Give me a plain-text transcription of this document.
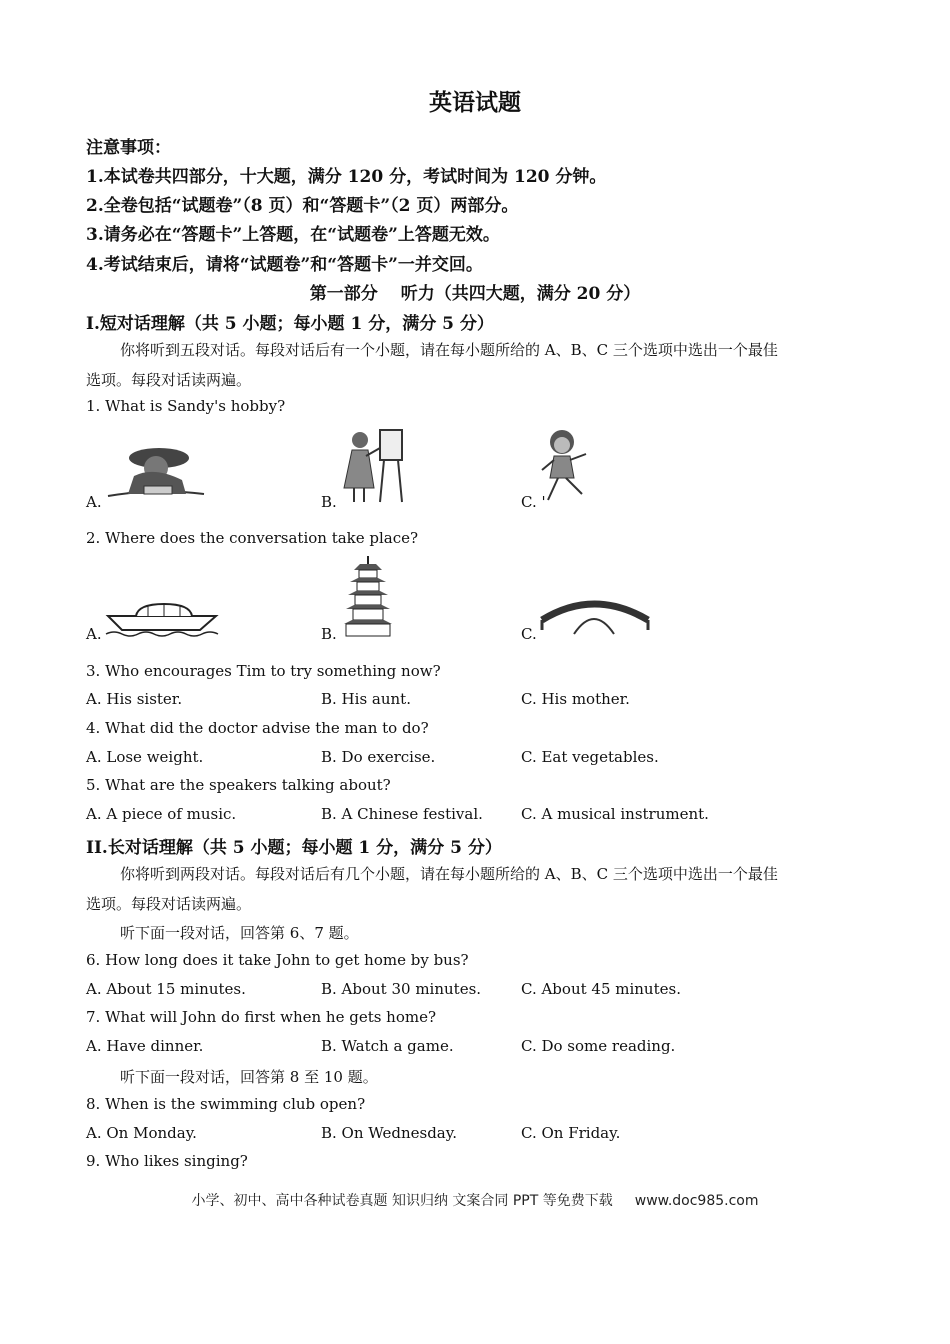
英语试题
注意事项：
1.本试卷共四部分，十大题，满分 120 分，考试时间为 120 分钟。
2.全卷包括“试题卷”（8 页）和“答题卡”（2 页）两部分。
3.请务必在“答题卡”上答题，在“试题卷”上答题无效。
4.考试结束后，请将“试题卷”和“答题卡”一并交回。
第一部分　 听力（共四大题，满分 20 分）
I.短对话理解（共 5 小题；每小题 1 分，满分 5 分）
你将听到五段对话。每段对话后有一个小题，请在每小题所给的 A、B、C 三个选项中选出一个最佳
选项。每段对话读两遍。
1. What is Sandy's hobby?
A.	B.	C. '
2. Where does the conversation take place?
A.	B.	C.
3. Who encourages Tim to try something now?
A. His sister.	B. His aunt.	C. His mother.
4. What did the doctor advise the man to do?
A. Lose weight.	B. Do exercise.	C. Eat vegetables.
5. What are the speakers talking about?
A. A piece of music.	B. A Chinese festival.	C. A musical instrument.
II.长对话理解（共 5 小题；每小题 1 分，满分 5 分）
你将听到两段对话。每段对话后有几个小题，请在每小题所给的 A、B、C 三个选项中选出一个最佳
选项。每段对话读两遍。
听下面一段对话，回答第 6、7 题。
6. How long does it take John to get home by bus?
A. About 15 minutes.	B. About 30 minutes.	C. About 45 minutes.
7. What will John do first when he gets home?
A. Have dinner.	B. Watch a game.	C. Do some reading.
听下面一段对话，回答第 8 至 10 题。
8. When is the swimming club open?
A. On Monday.	B. On Wednesday.	C. On Friday.
9. Who likes singing?
小学、初中、高中各种试卷真题 知识归纳 文案合同 PPT 等免费下载 www.doc985.com
